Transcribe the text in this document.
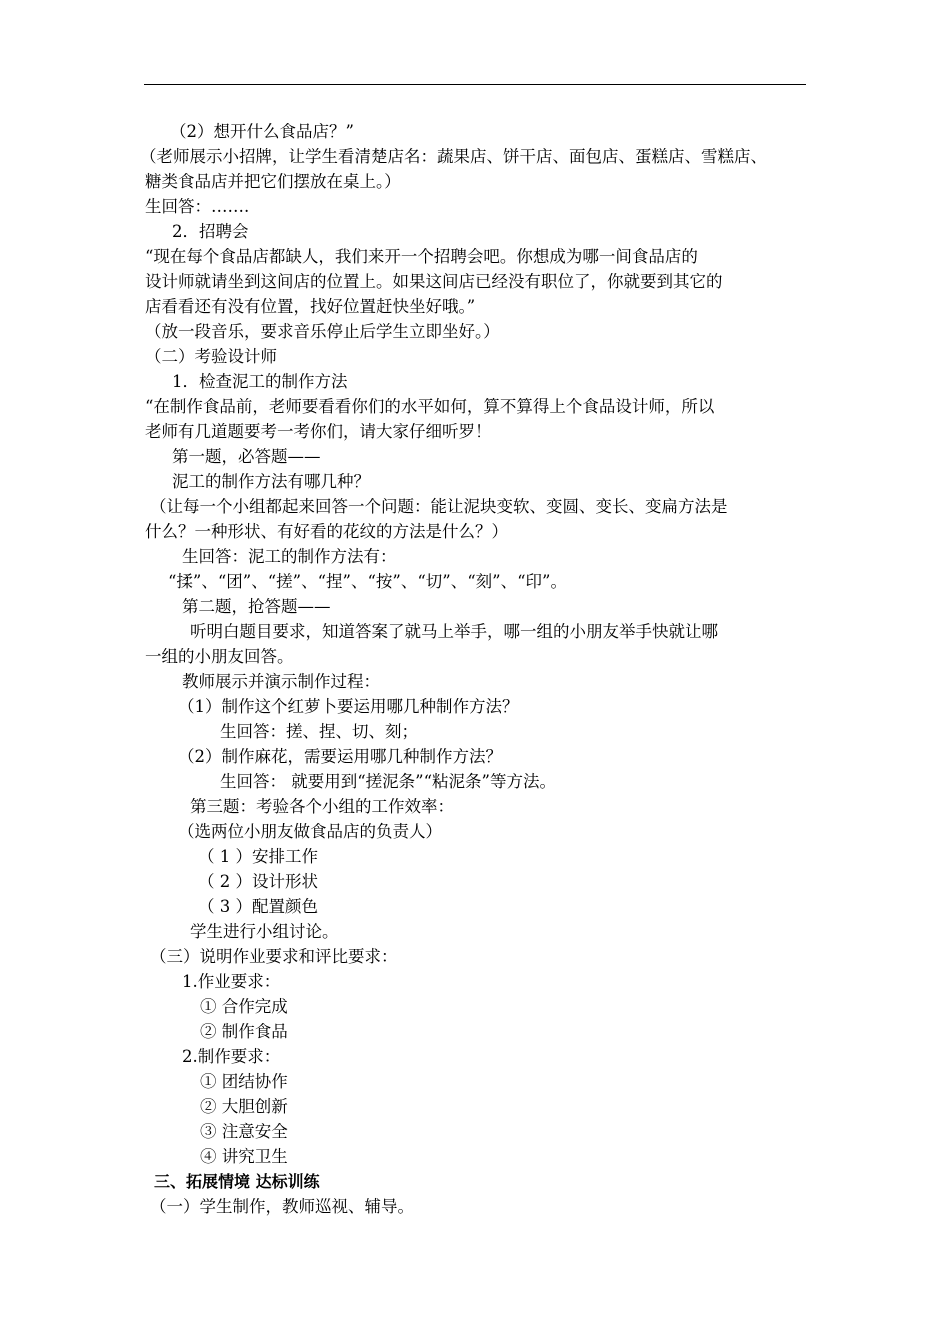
（2）想开什么食品店？”
（老师展示小招牌，让学生看清楚店名：蔬果店、饼干店、面包店、蛋糕店、雪糕店、
糖类食品店并把它们摆放在桌上。）
生回答：…….
2．招聘会
“现在每个食品店都缺人，我们来开一个招聘会吧。你想成为哪一间食品店的
设计师就请坐到这间店的位置上。如果这间店已经没有职位了，你就要到其它的
店看看还有没有位置，找好位置赶快坐好哦。”
（放一段音乐，要求音乐停止后学生立即坐好。）
（二）考验设计师
1．检查泥工的制作方法
“在制作食品前，老师要看看你们的水平如何，算不算得上个食品设计师，所以
老师有几道题要考一考你们，请大家仔细听罗！
第一题，必答题——
泥工的制作方法有哪几种？
（让每一个小组都起来回答一个问题：能让泥块变软、变圆、变长、变扁方法是
什么？一种形状、有好看的花纹的方法是什么？）
生回答：泥工的制作方法有：
“揉”、“团”、“搓”、“捏”、“按”、“切”、“刻”、“印”。
第二题，抢答题——
听明白题目要求，知道答案了就马上举手，哪一组的小朋友举手快就让哪
一组的小朋友回答。
教师展示并演示制作过程：
（1）制作这个红萝卜要运用哪几种制作方法？
生回答：搓、捏、切、刻；
（2）制作麻花，需要运用哪几种制作方法？
生回答： 就要用到“搓泥条”“粘泥条”等方法。
第三题：考验各个小组的工作效率：
（选两位小朋友做食品店的负责人）
（ 1 ）安排工作
（ 2 ）设计形状
（ 3 ）配置颜色
学生进行小组讨论。
（三）说明作业要求和评比要求：
1.作业要求：
① 合作完成
② 制作食品
2.制作要求：
① 团结协作
② 大胆创新
③ 注意安全
④ 讲究卫生
三、拓展情境 达标训练
（一）学生制作，教师巡视、辅导。
